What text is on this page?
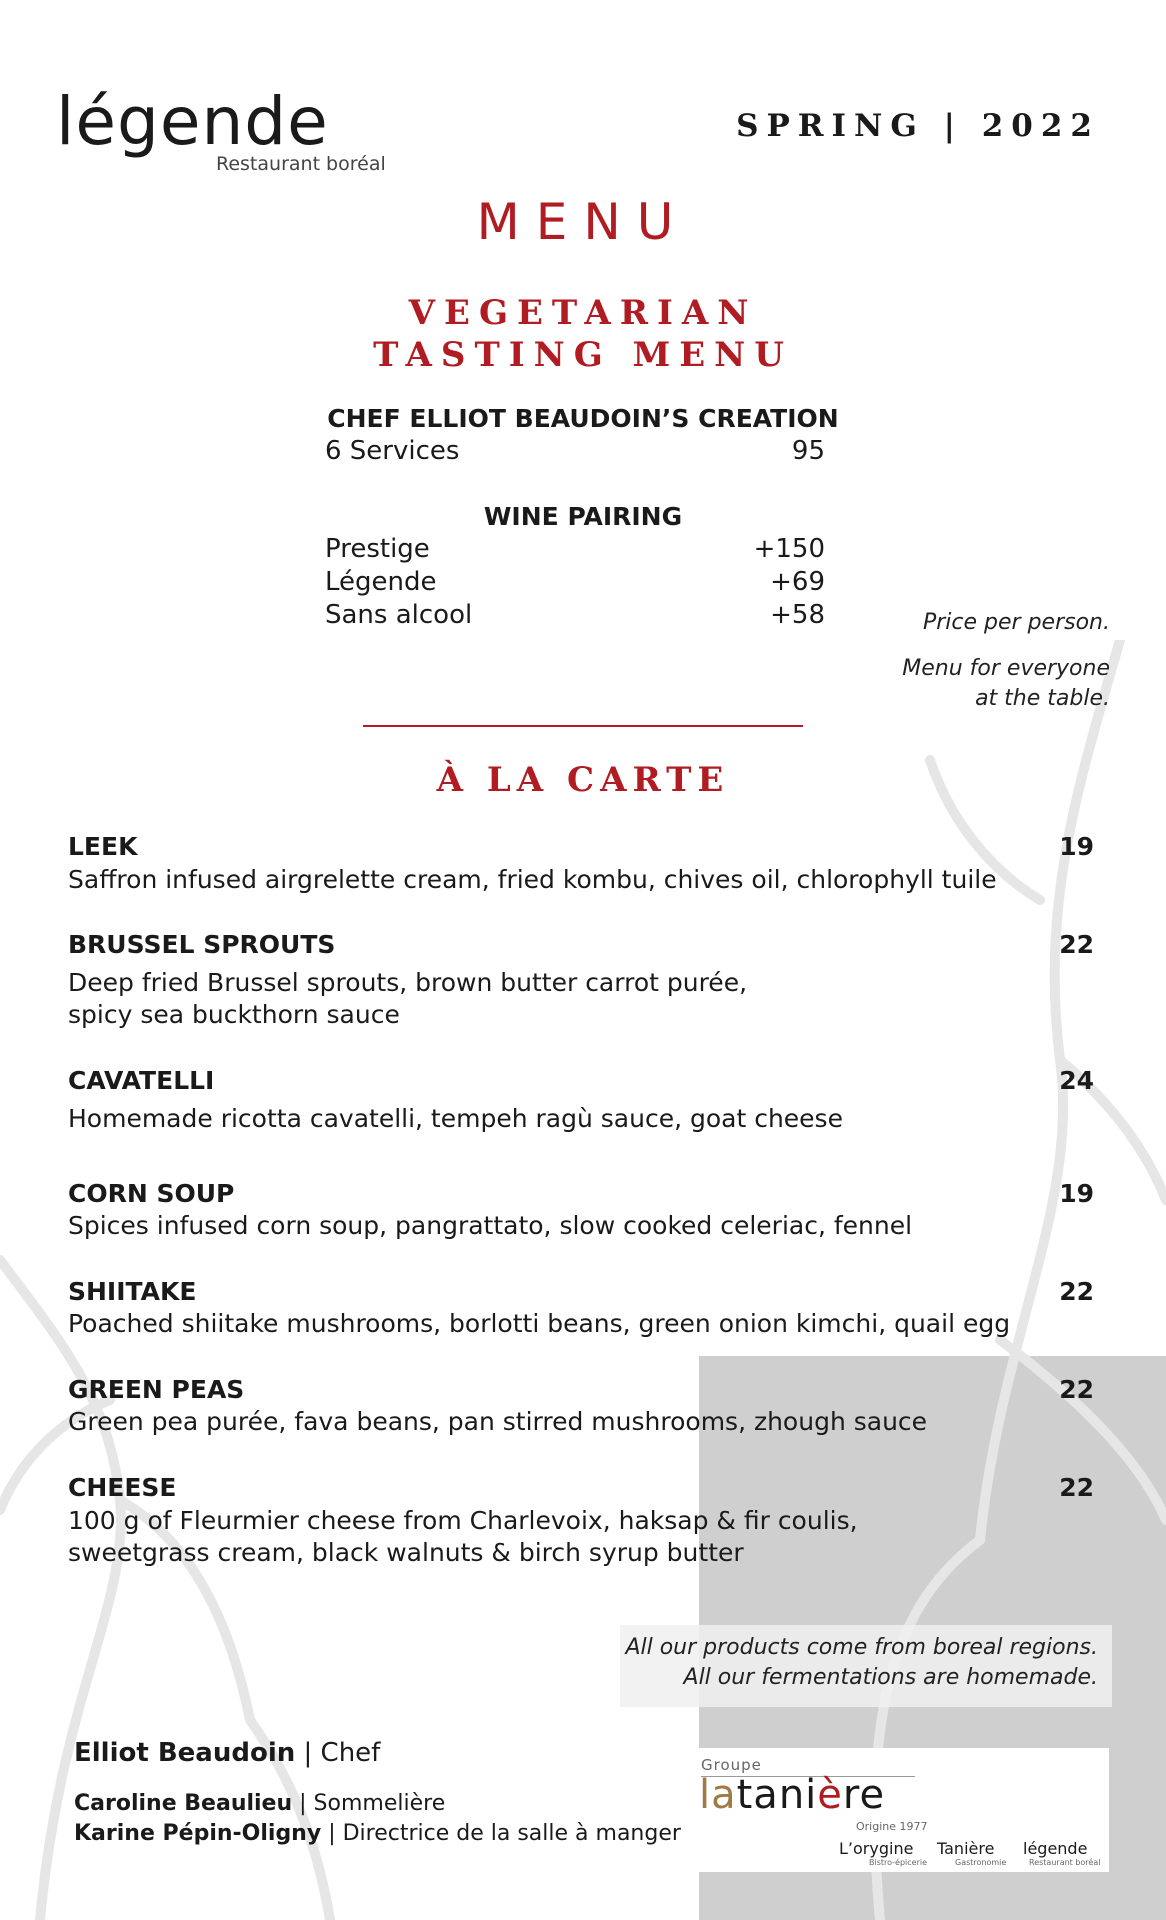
légende
Restaurant boréal
SPRING | 2022
MENU
VEGETARIAN
TASTING MENU
CHEF ELLIOT BEAUDOIN’S CREATION
6 Services	95
WINE PAIRING
Prestige	+150
Légende	+69
Sans alcool	+58	Price per person.
Menu for everyone
at the table.
À LA CARTE
LEEK	19
Saffron infused airgrelette cream, fried kombu, chives oil, chlorophyll tuile
BRUSSEL SPROUTS	22
Deep fried Brussel sprouts, brown butter carrot purée,
spicy sea buckthorn sauce
CAVATELLI	24
Homemade ricotta cavatelli, tempeh ragù sauce, goat cheese
CORN SOUP	19
Spices infused corn soup, pangrattato, slow cooked celeriac, fennel
SHIITAKE	22
Poached shiitake mushrooms, borlotti beans, green onion kimchi, quail egg
GREEN PEAS	22
Green pea purée, fava beans, pan stirred mushrooms, zhough sauce
CHEESE	22
100 g of Fleurmier cheese from Charlevoix, haksap & fir coulis,
sweetgrass cream, black walnuts & birch syrup butter
All our products come from boreal regions.
All our fermentations are homemade.
Elliot Beaudoin | Chef
Caroline Beaulieu | Sommelière
Karine Pépin-Oligny | Directrice de la salle à manger
Groupe
latanière
Origine 1977
L’orygine
Bistro-épicerie
Tanière
Gastronomie
légende
Restaurant boréal
